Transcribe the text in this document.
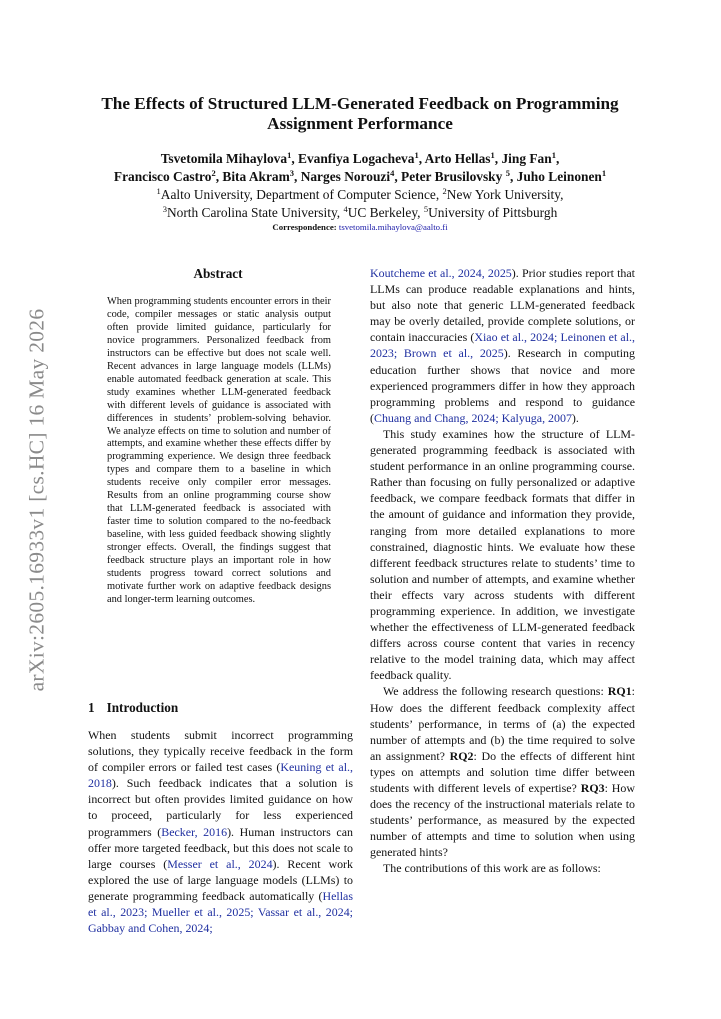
arXiv:2605.16933v1 [cs.HC] 16 May 2026
The Effects of Structured LLM-Generated Feedback on Programming Assignment Performance
Tsvetomila Mihaylova$^1$, Evanfiya Logacheva$^1$, Arto Hellas$^1$, Jing Fan$^1$,
Francisco Castro$^2$, Bita Akram$^3$, Narges Norouzi$^4$, Peter Brusilovsky $^5$, Juho Leinonen$^1$
$^1$Aalto University, Department of Computer Science, $^2$New York University,
$^3$North Carolina State University, $^4$UC Berkeley, $^5$University of Pittsburgh
Correspondence: tsvetomila.mihaylova@aalto.fi
Abstract

When programming students encounter errors in their code, compiler messages or static analysis output often provide limited guidance, particularly for novice programmers. Personalized feedback from instructors can be effective but does not scale well. Recent advances in large language models (LLMs) enable automated feedback generation at scale. This study examines whether LLM-generated feedback with different levels of guidance is associated with differences in students’ problem-solving behavior. We analyze effects on time to solution and number of attempts, and examine whether these effects differ by programming experience. We design three feedback types and compare them to a baseline in which students receive only compiler error messages. Results from an online programming course show that LLM-generated feedback is associated with faster time to solution compared to the no-feedback baseline, with less guided feedback showing slightly stronger effects. Overall, the findings suggest that feedback structure plays an important role in how students progress toward correct solutions and motivate further work on adaptive feedback designs and longer-term learning outcomes.

1 Introduction

When students submit incorrect programming solutions, they typically receive feedback in the form of compiler errors or failed test cases (Keuning et al., 2018). Such feedback indicates that a solution is incorrect but often provides limited guidance on how to proceed, particularly for less experienced programmers (Becker, 2016). Human instructors can offer more targeted feedback, but this does not scale to large courses (Messer et al., 2024). Recent work explored the use of large language models (LLMs) to generate programming feedback automatically (Hellas et al., 2023; Mueller et al., 2025; Vassar et al., 2024; Gabbay and Cohen, 2024;

Koutcheme et al., 2024, 2025). Prior studies report that LLMs can produce readable explanations and hints, but also note that generic LLM-generated feedback may be overly detailed, provide complete solutions, or contain inaccuracies (Xiao et al., 2024; Leinonen et al., 2023; Brown et al., 2025). Research in computing education further shows that novice and more experienced programmers differ in how they approach programming problems and respond to guidance (Chuang and Chang, 2024; Kalyuga, 2007).

This study examines how the structure of LLM-generated programming feedback is associated with student performance in an online programming course. Rather than focusing on fully personalized or adaptive feedback, we compare feedback formats that differ in the amount of guidance and information they provide, ranging from more detailed explanations to more constrained, diagnostic hints. We evaluate how these different feedback structures relate to students’ time to solution and number of attempts, and examine whether their effects vary across students with different programming experience. In addition, we investigate whether the effectiveness of LLM-generated feedback differs across course content that varies in recency relative to the model training data, which may affect feedback quality.

We address the following research questions: RQ1: How does the different feedback complexity affect students’ performance, in terms of (a) the expected number of attempts and (b) the time required to solve an assignment? RQ2: Do the effects of different hint types on attempts and solution time differ between students with different levels of expertise? RQ3: How does the recency of the instructional materials relate to students’ performance, as measured by the expected number of attempts and time to solution when using generated hints?

The contributions of this work are as follows:
